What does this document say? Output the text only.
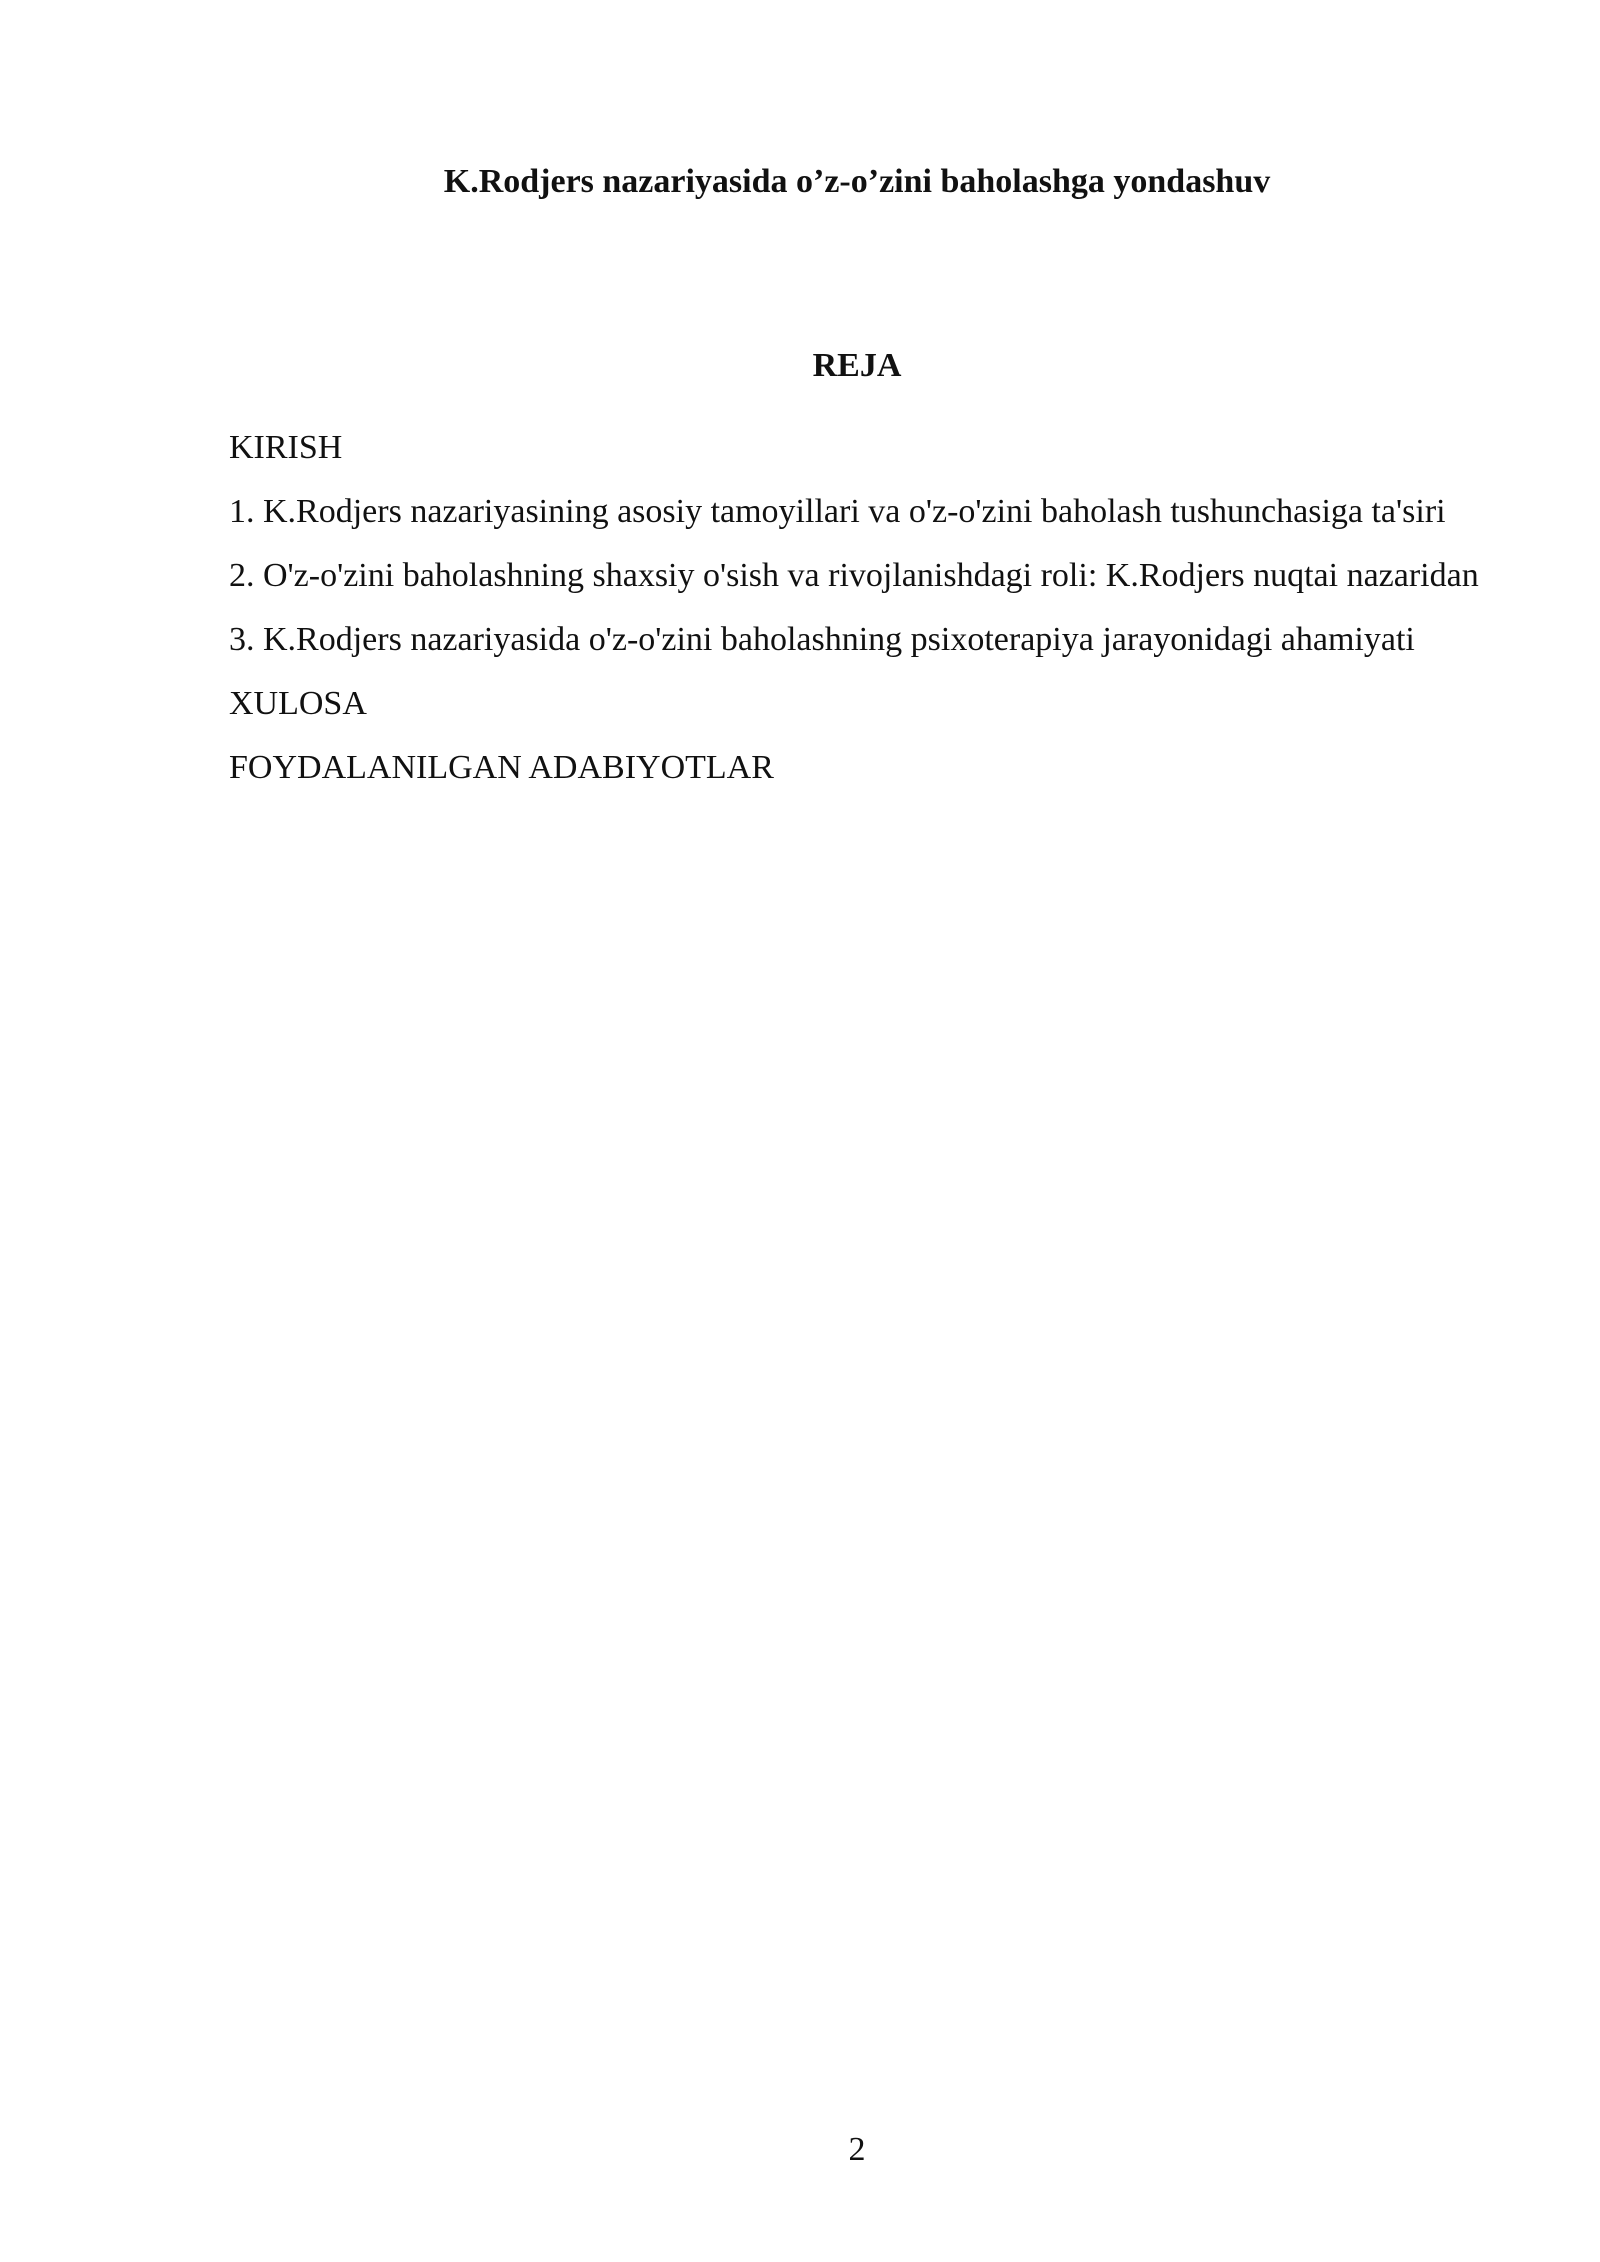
K.Rodjers nazariyasida o’z-o’zini baholashga yondashuv
REJA
KIRISH
1. K.Rodjers nazariyasining asosiy tamoyillari va o'z-o'zini baholash tushunchasiga ta'siri
2. O'z-o'zini baholashning shaxsiy o'sish va rivojlanishdagi roli: K.Rodjers nuqtai nazaridan
3. K.Rodjers nazariyasida o'z-o'zini baholashning psixoterapiya jarayonidagi ahamiyati
XULOSA
FOYDALANILGAN ADABIYOTLAR
2
